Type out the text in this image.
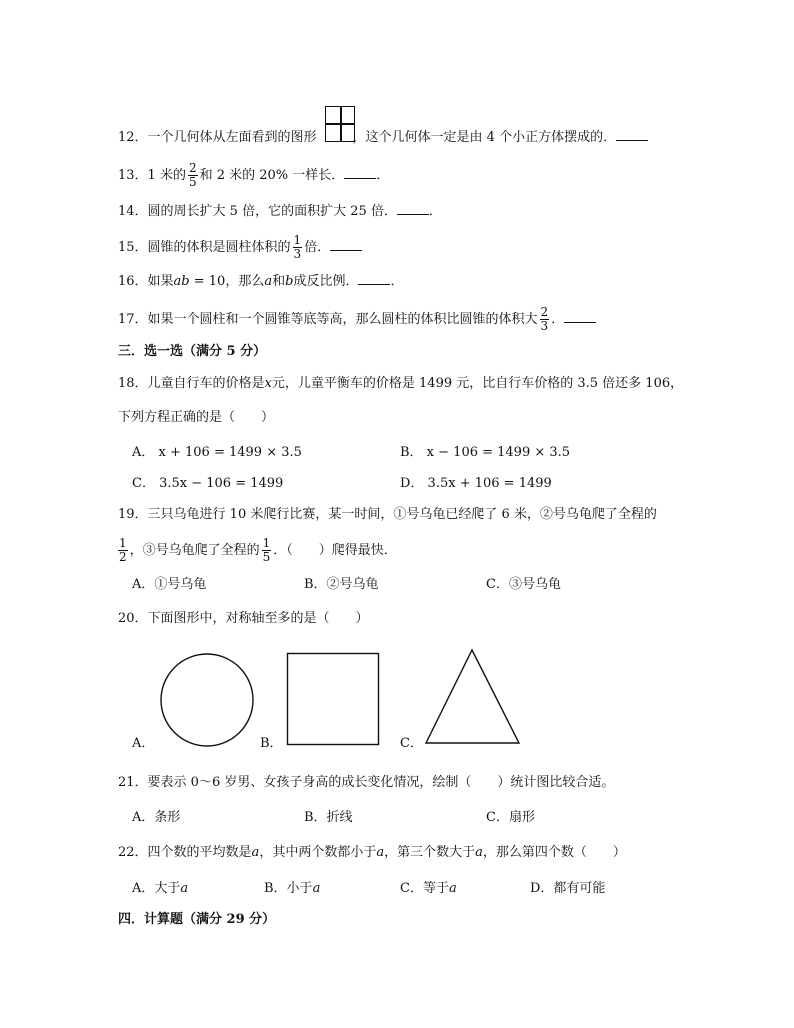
12．一个几何体从左面看到的图形	，这个几何体一定是由 4 个小正方体摆成的．
13．1 米的 $\frac{2}{5}$ 和 2 米的 20% 一样长． ．
14．圆的周长扩大 5 倍，它的面积扩大 25 倍． ．
15．圆锥的体积是圆柱体积的 $\frac{1}{3}$ 倍．
16．如果ab = 10，那么a和b成反比例． ．
17．如果一个圆柱和一个圆锥等底等高，那么圆柱的体积比圆锥的体积大 $\frac{2}{3}$ ．
三．选一选（满分 5 分）
18．儿童自行车的价格是x元，儿童平衡车的价格是 1499 元，比自行车价格的 3.5 倍还多 106，
下列方程正确的是（　　）
A． x + 106 = 1499 × 3.5	B． x − 106 = 1499 × 3.5
C． 3.5x − 106 = 1499	D． 3.5x + 106 = 1499
19．三只乌龟进行 10 米爬行比赛，某一时间，①号乌龟已经爬了 6 米，②号乌龟爬了全程的
$\frac{1}{2}$ ，③号乌龟爬了全程的 $\frac{1}{5}$ ．（　　）爬得最快．
A．①号乌龟	B．②号乌龟	C．③号乌龟
20．下面图形中，对称轴至多的是（　　）
A．	B．	C．
21．要表示 0～6 岁男、女孩子身高的成长变化情况，绘制（　　）统计图比较合适。
A．条形	B．折线	C．扇形
22．四个数的平均数是a，其中两个数都小于a，第三个数大于a，那么第四个数（　　）
A．大于a	B．小于a	C．等于a	D．都有可能
四．计算题（满分 29 分）
